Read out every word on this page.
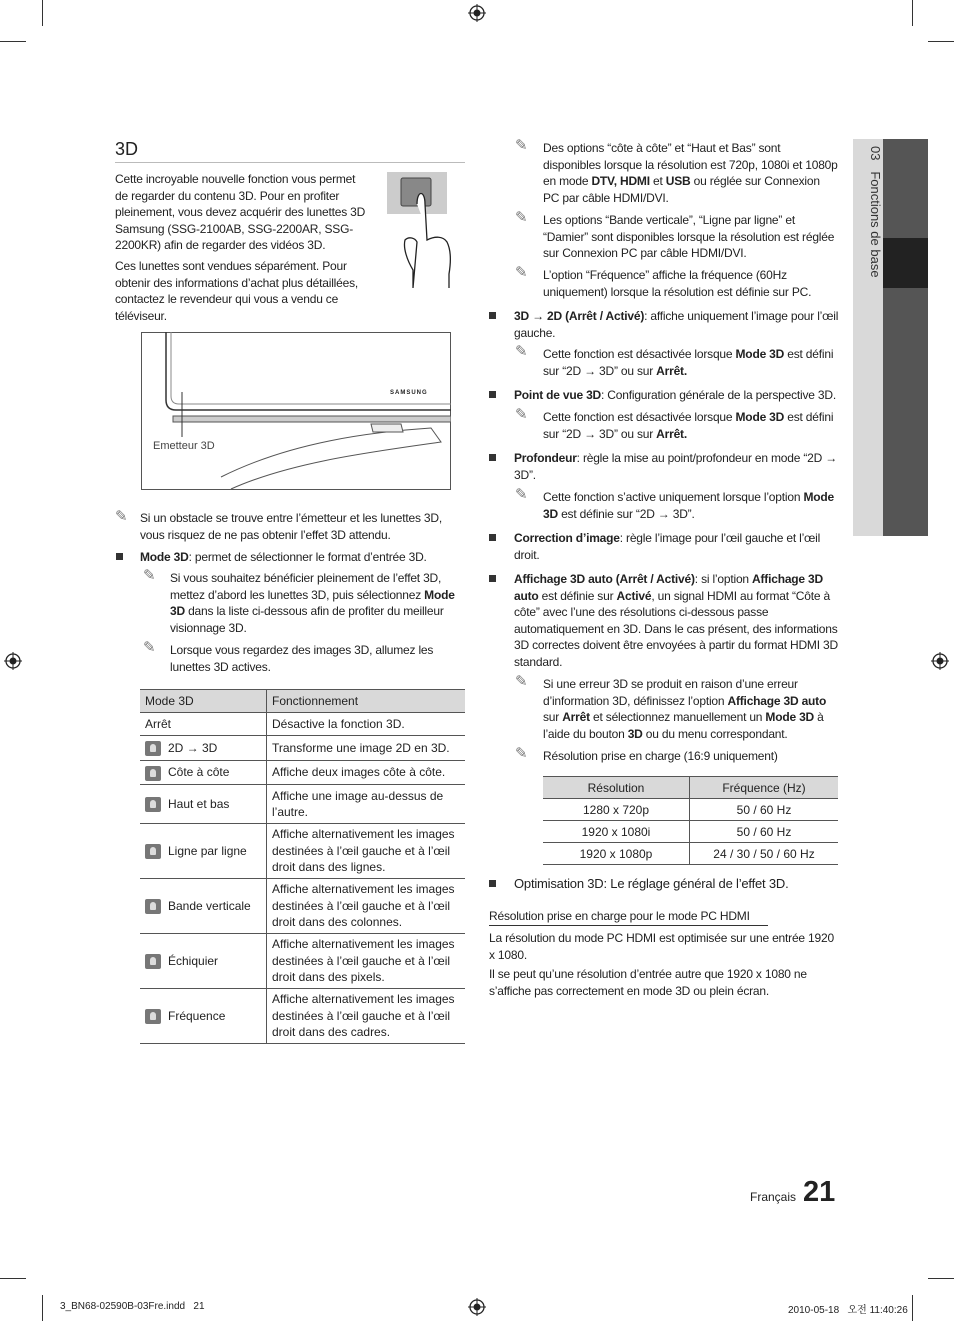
03   Fonctions de base
3D

Cette incroyable nouvelle fonction vous permet de regarder du contenu 3D. Pour en profiter pleinement, vous devez acquérir des lunettes 3D Samsung (SSG-2100AB, SSG-2200AR, SSG-2200KR) afin de regarder des vidéos 3D.

Ces lunettes sont vendues séparément. Pour obtenir des informations d’achat plus détaillées, contactez le revendeur qui vous a vendu ce téléviseur.

SAMSUNG
Emetteur 3D
✎ Si un obstacle se trouve entre l’émetteur et les lunettes 3D, vous risquez de ne pas obtenir l’effet 3D attendu.

Mode 3D: permet de sélectionner le format d’entrée 3D.

✎ Si vous souhaitez bénéficier pleinement de l’effet 3D, mettez d’abord les lunettes 3D, puis sélectionnez Mode 3D dans la liste ci-dessous afin de profiter du meilleur visionnage 3D.

✎ Lorsque vous regardez des images 3D, allumez les lunettes 3D actives.

Mode 3D	Fonctionnement
Arrêt	Désactive la fonction 3D.
2D → 3D	Transforme une image 2D en 3D.
Côte à côte	Affiche deux images côte à côte.
Haut et bas	Affiche une image au-dessus de l’autre.
Ligne par ligne	Affiche alternativement les images destinées à l’œil gauche et à l’œil droit dans des lignes.
Bande verticale	Affiche alternativement les images destinées à l’œil gauche et à l’œil droit dans des colonnes.
Échiquier	Affiche alternativement les images destinées à l’œil gauche et à l’œil droit dans des pixels.
Fréquence	Affiche alternativement les images destinées à l’œil gauche et à l’œil droit dans des cadres.
✎ Des options “côte à côte” et “Haut et Bas” sont disponibles lorsque la résolution est 720p, 1080i et 1080p en mode DTV, HDMI et USB ou réglée sur Connexion PC par câble HDMI/DVI.

✎ Les options “Bande verticale”, “Ligne par ligne” et “Damier” sont disponibles lorsque la résolution est réglée sur Connexion PC par câble HDMI/DVI.

✎ L’option “Fréquence” affiche la fréquence (60Hz uniquement) lorsque la résolution est définie sur PC.

3D → 2D (Arrêt / Activé): affiche uniquement l’image pour l’œil gauche.

✎ Cette fonction est désactivée lorsque Mode 3D est défini sur “2D → 3D” ou sur Arrêt.

Point de vue 3D: Configuration générale de la perspective 3D.

✎ Cette fonction est désactivée lorsque Mode 3D est défini sur “2D → 3D” ou sur Arrêt.

Profondeur: règle la mise au point/profondeur en mode “2D → 3D”.

✎ Cette fonction s’active uniquement lorsque l’option Mode 3D est définie sur “2D → 3D”.

Correction d’image: règle l’image pour l’œil gauche et l’œil droit.

Affichage 3D auto (Arrêt / Activé): si l’option Affichage 3D auto est définie sur Activé, un signal HDMI au format “Côte à côte” avec l’une des résolutions ci-dessous passe automatiquement en 3D. Dans le cas présent, des informations 3D correctes doivent être envoyées à partir du format HDMI 3D standard.

✎ Si une erreur 3D se produit en raison d’une erreur d’information 3D, définissez l’option Affichage 3D auto sur Arrêt et sélectionnez manuellement un Mode 3D à l’aide du bouton 3D ou du menu correspondant.

✎ Résolution prise en charge (16:9 uniquement)

Résolution	Fréquence (Hz)
1280 x 720p	50 / 60 Hz
1920 x 1080i	50 / 60 Hz
1920 x 1080p	24 / 30 / 50 / 60 Hz

Optimisation 3D: Le réglage général de l’effet 3D.

Résolution prise en charge pour le mode PC HDMI

La résolution du mode PC HDMI est optimisée sur une entrée 1920 x 1080.

Il se peut qu’une résolution d’entrée autre que 1920 x 1080 ne s’affiche pas correctement en mode 3D ou plein écran.

Français 21
3_BN68-02590B-03Fre.indd   21	2010-05-18   오전 11:40:26
